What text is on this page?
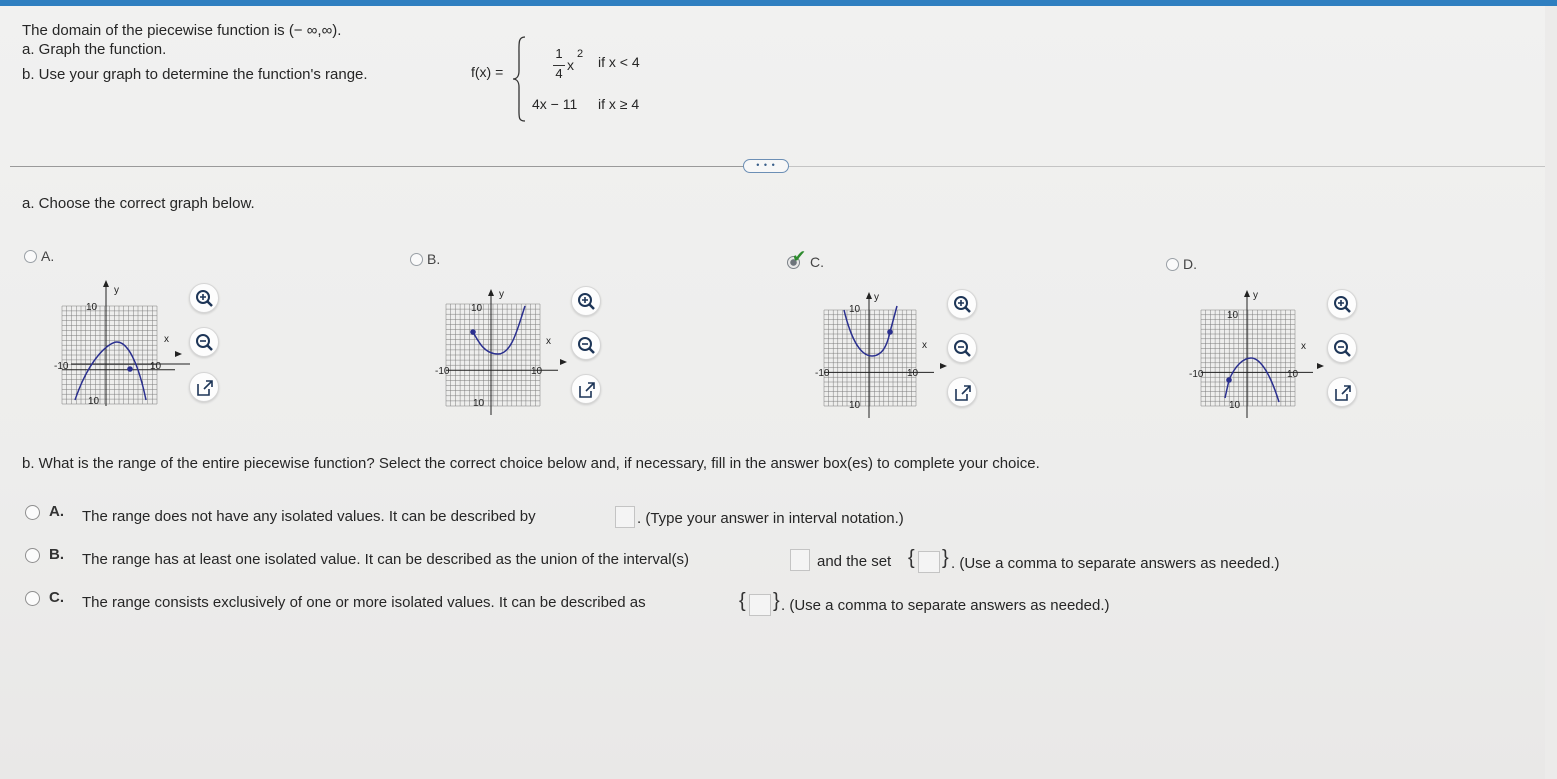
The domain of the piecewise function is (− ∞,∞).
a. Graph the function.
b. Use your graph to determine the function's range.	f(x) =
1
4
x
2 if x < 4
4x − 11 if x ≥ 4
• • •
a. Choose the correct graph below.
A.
y
x
10
-10	10
10
B.
y
x
10
-10	10
10
✔ C.
y
x
10
-10	10
10
D.
y
x
10
-10	10
10
b. What is the range of the entire piecewise function? Select the correct choice below and, if necessary, fill in the answer box(es) to complete your choice.
A. The range does not have any isolated values. It can be described by	. (Type your answer in interval notation.)
B. The range has at least one isolated value. It can be described as the union of the interval(s)	and the set { } . (Use a comma to separate answers as needed.)
C. The range consists exclusively of one or more isolated values. It can be described as	{ } . (Use a comma to separate answers as needed.)
